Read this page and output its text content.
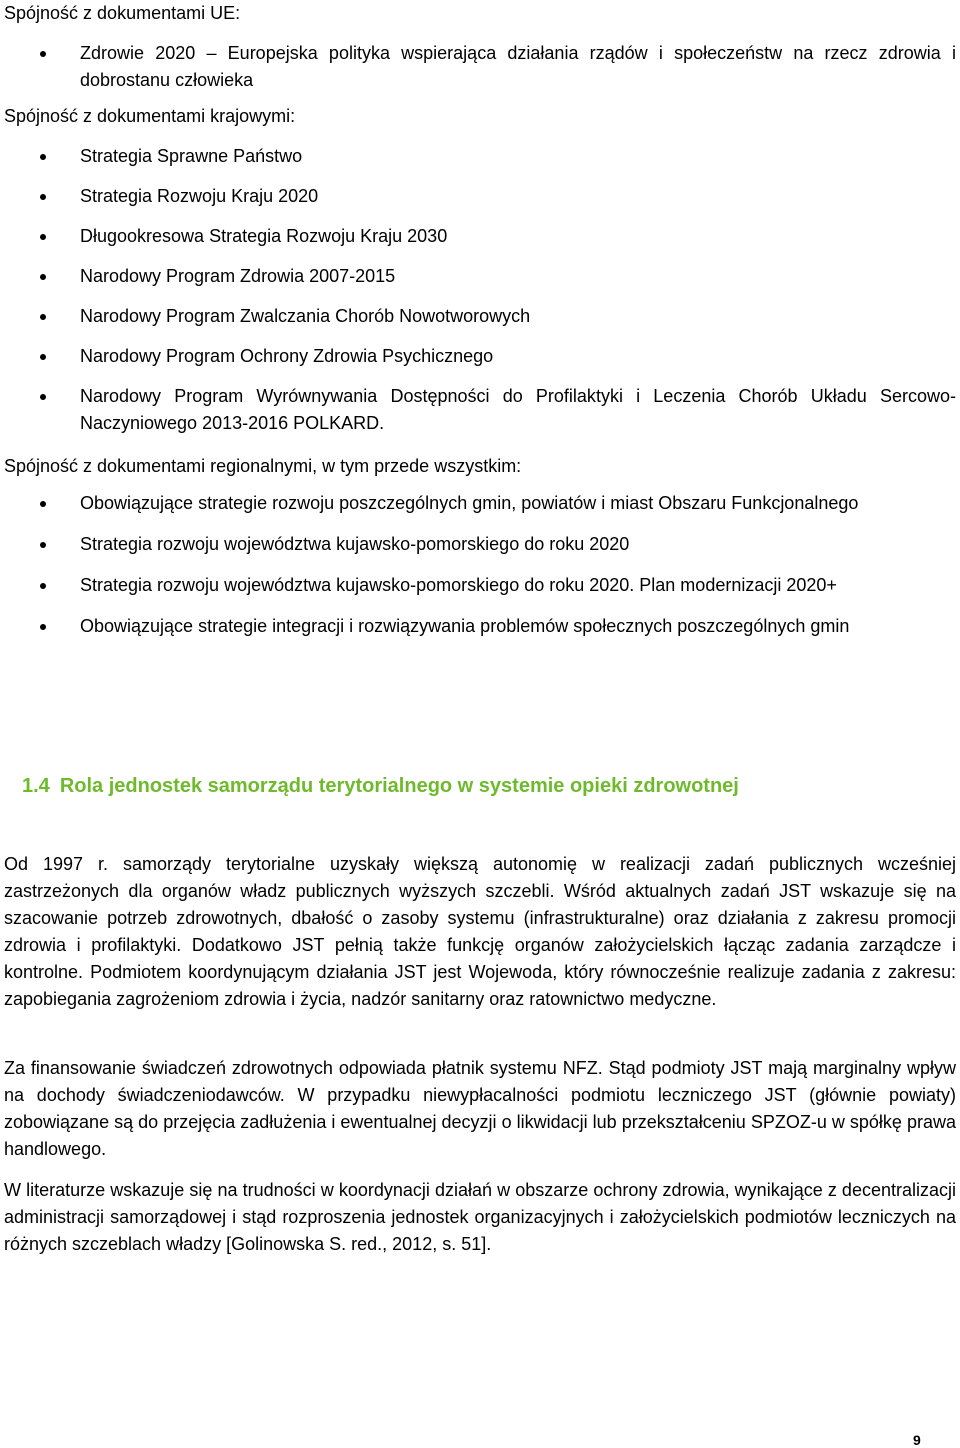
Spójność z dokumentami UE:

Zdrowie 2020 – Europejska polityka wspierająca działania rządów i społeczeństw na rzecz zdrowia i dobrostanu człowieka

Spójność z dokumentami krajowymi:

Strategia Sprawne Państwo
Strategia Rozwoju Kraju 2020
Długookresowa Strategia Rozwoju Kraju 2030
Narodowy Program Zdrowia 2007-2015
Narodowy Program Zwalczania Chorób Nowotworowych
Narodowy Program Ochrony Zdrowia Psychicznego
Narodowy Program Wyrównywania Dostępności do Profilaktyki i Leczenia Chorób Układu Sercowo-Naczyniowego 2013-2016 POLKARD.

Spójność z dokumentami regionalnymi, w tym przede wszystkim:

Obowiązujące strategie rozwoju poszczególnych gmin, powiatów i miast Obszaru Funkcjonalnego
Strategia rozwoju województwa kujawsko-pomorskiego do roku 2020
Strategia rozwoju województwa kujawsko-pomorskiego do roku 2020. Plan modernizacji 2020+
Obowiązujące strategie integracji i rozwiązywania problemów społecznych poszczególnych gmin
1.4 Rola jednostek samorządu terytorialnego w systemie opieki zdrowotnej

Od 1997 r. samorządy terytorialne uzyskały większą autonomię w realizacji zadań publicznych wcześniej zastrzeżonych dla organów władz publicznych wyższych szczebli. Wśród aktualnych zadań JST wskazuje się na szacowanie potrzeb zdrowotnych, dbałość o zasoby systemu (infrastrukturalne) oraz działania z zakresu promocji zdrowia i profilaktyki. Dodatkowo JST pełnią także funkcję organów założycielskich łącząc zadania zarządcze i kontrolne. Podmiotem koordynującym działania JST jest Wojewoda, który równocześnie realizuje zadania z zakresu: zapobiegania zagrożeniom zdrowia i życia, nadzór sanitarny oraz ratownictwo medyczne.

Za finansowanie świadczeń zdrowotnych odpowiada płatnik systemu NFZ. Stąd podmioty JST mają marginalny wpływ na dochody świadczeniodawców. W przypadku niewypłacalności podmiotu leczniczego JST (głównie powiaty) zobowiązane są do przejęcia zadłużenia i ewentualnej decyzji o likwidacji lub przekształceniu SPZOZ-u w spółkę prawa handlowego.

W literaturze wskazuje się na trudności w koordynacji działań w obszarze ochrony zdrowia, wynikające z decentralizacji administracji samorządowej i stąd rozproszenia jednostek organizacyjnych i założycielskich podmiotów leczniczych na różnych szczeblach władzy [Golinowska S. red., 2012, s. 51].

9
